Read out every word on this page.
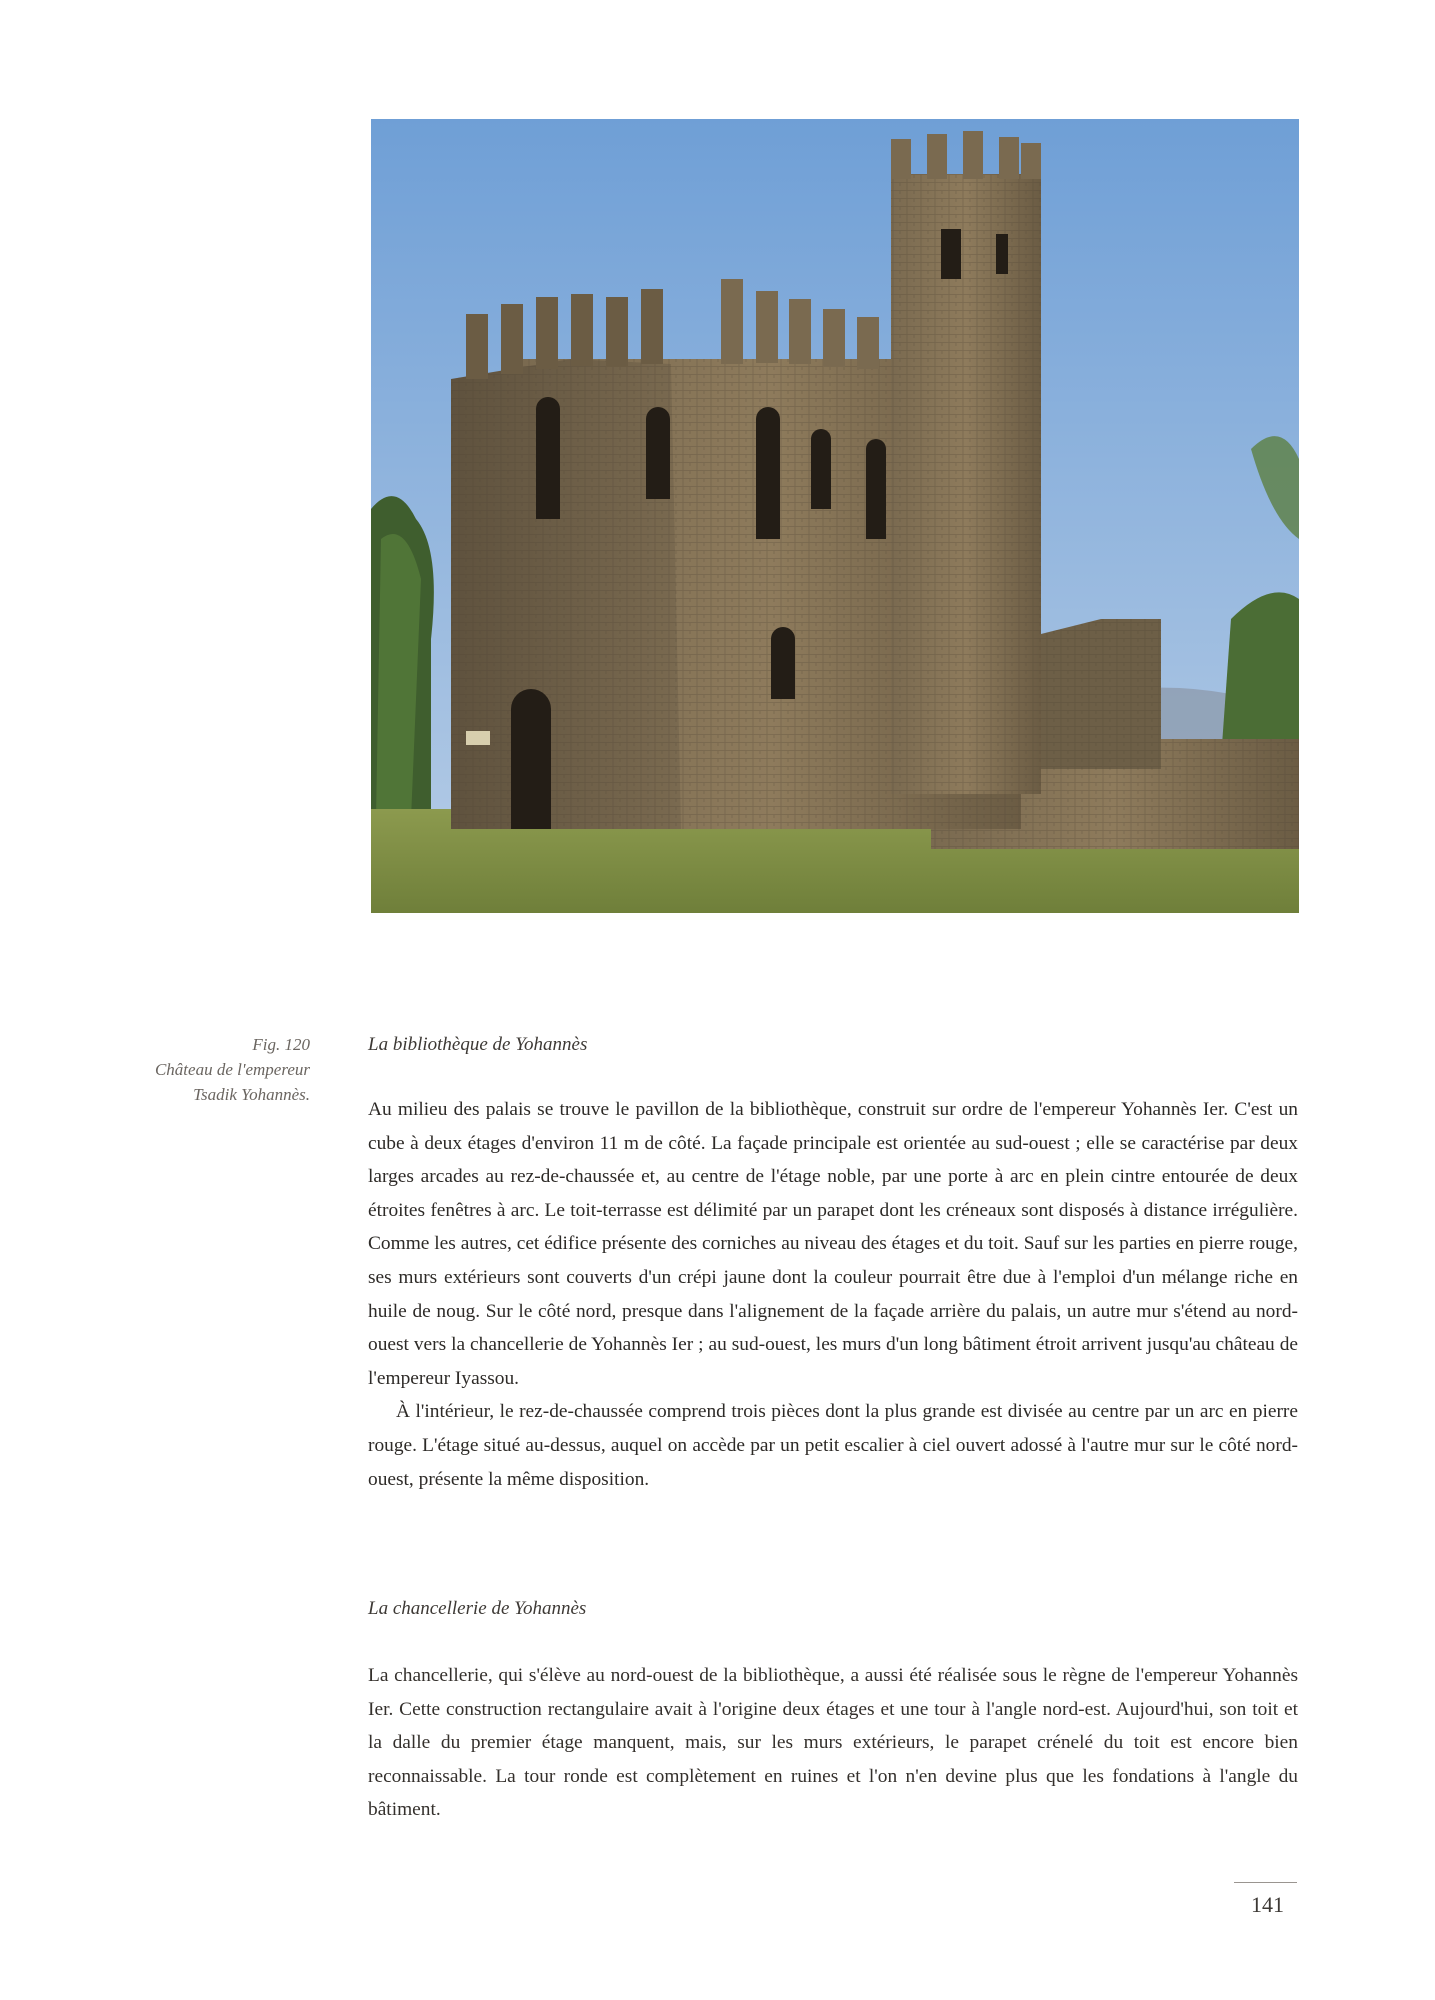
Fig. 120
Château de l'empereur
Tsadik Yohannès.
La bibliothèque de Yohannès

Au milieu des palais se trouve le pavillon de la bibliothèque, construit sur ordre de l'empereur Yohannès Ier. C'est un cube à deux étages d'environ 11 m de côté. La façade principale est orientée au sud-ouest ; elle se caractérise par deux larges arcades au rez-de-chaussée et, au centre de l'étage noble, par une porte à arc en plein cintre entourée de deux étroites fenêtres à arc. Le toit-terrasse est délimité par un parapet dont les créneaux sont disposés à distance irrégulière. Comme les autres, cet édifice présente des corniches au niveau des étages et du toit. Sauf sur les parties en pierre rouge, ses murs extérieurs sont couverts d'un crépi jaune dont la couleur pourrait être due à l'emploi d'un mélange riche en huile de noug. Sur le côté nord, presque dans l'alignement de la façade arrière du palais, un autre mur s'étend au nord-ouest vers la chancellerie de Yohannès Ier ; au sud-ouest, les murs d'un long bâtiment étroit arrivent jusqu'au château de l'empereur Iyassou.

À l'intérieur, le rez-de-chaussée comprend trois pièces dont la plus grande est divisée au centre par un arc en pierre rouge. L'étage situé au-dessus, auquel on accède par un petit escalier à ciel ouvert adossé à l'autre mur sur le côté nord-ouest, présente la même disposition.

La chancellerie de Yohannès

La chancellerie, qui s'élève au nord-ouest de la bibliothèque, a aussi été réalisée sous le règne de l'empereur Yohannès Ier. Cette construction rectangulaire avait à l'origine deux étages et une tour à l'angle nord-est. Aujourd'hui, son toit et la dalle du premier étage manquent, mais, sur les murs extérieurs, le parapet crénelé du toit est encore bien reconnaissable. La tour ronde est complètement en ruines et l'on n'en devine plus que les fondations à l'angle du bâtiment.

141
